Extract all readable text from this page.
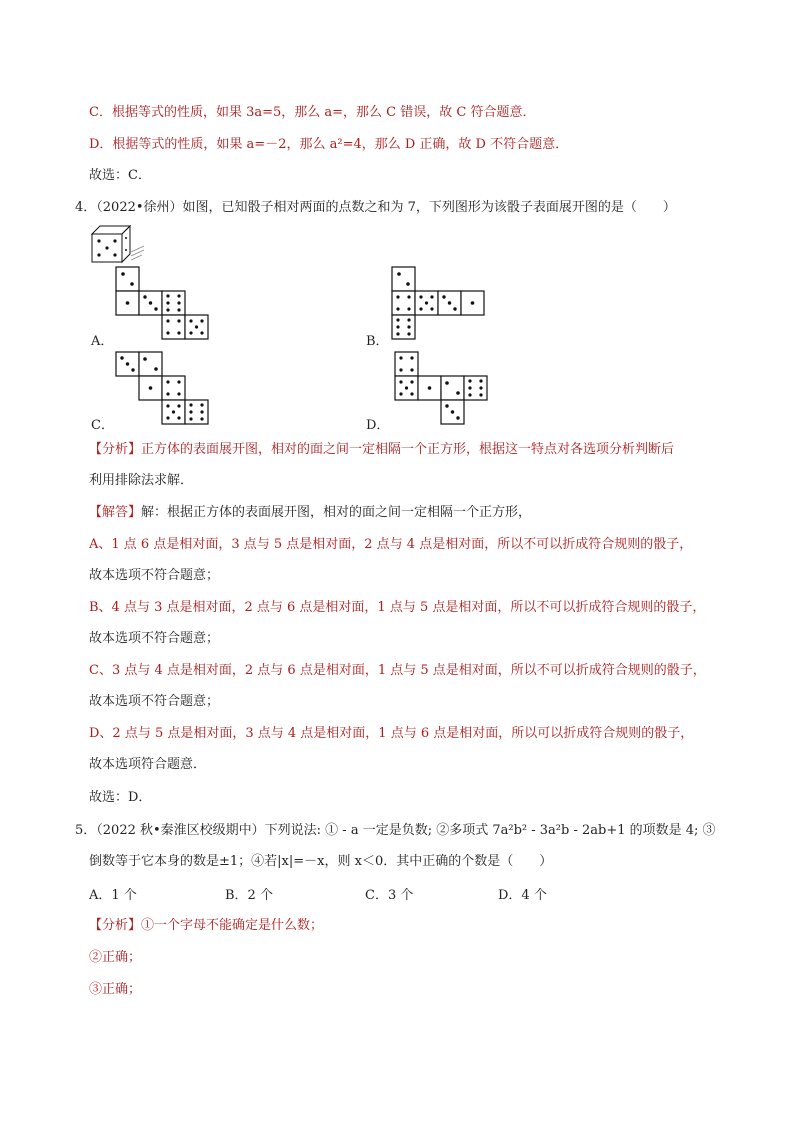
C．根据等式的性质，如果 3a=5，那么 a=，那么 C 错误，故 C 符合题意．
D．根据等式的性质，如果 a=－2，那么 a²=4，那么 D 正确，故 D 不符合题意．
故选：C．
4．（2022•徐州）如图，已知骰子相对两面的点数之和为 7，下列图形为该骰子表面展开图的是（　　）
A．	B．
C．	D．
【分析】正方体的表面展开图，相对的面之间一定相隔一个正方形，根据这一特点对各选项分析判断后
利用排除法求解．
【解答】解：根据正方体的表面展开图，相对的面之间一定相隔一个正方形，
A、1 点 6 点是相对面，3 点与 5 点是相对面，2 点与 4 点是相对面，所以不可以折成符合规则的骰子，
故本选项不符合题意；
B、4 点与 3 点是相对面，2 点与 6 点是相对面，1 点与 5 点是相对面，所以不可以折成符合规则的骰子，
故本选项不符合题意；
C、3 点与 4 点是相对面，2 点与 6 点是相对面，1 点与 5 点是相对面，所以不可以折成符合规则的骰子，
故本选项不符合题意；
D、2 点与 5 点是相对面，3 点与 4 点是相对面，1 点与 6 点是相对面，所以可以折成符合规则的骰子，
故本选项符合题意．
故选：D．
5．（2022 秋•秦淮区校级期中）下列说法: ① - a 一定是负数; ②多项式 7a²b² - 3a²b - 2ab+1 的项数是 4; ③
倒数等于它本身的数是±1；④若|x|=－x，则 x＜0．其中正确的个数是（　　）
A．1 个	B．2 个	C．3 个	D．4 个
【分析】①一个字母不能确定是什么数；
②正确；
③正确；
